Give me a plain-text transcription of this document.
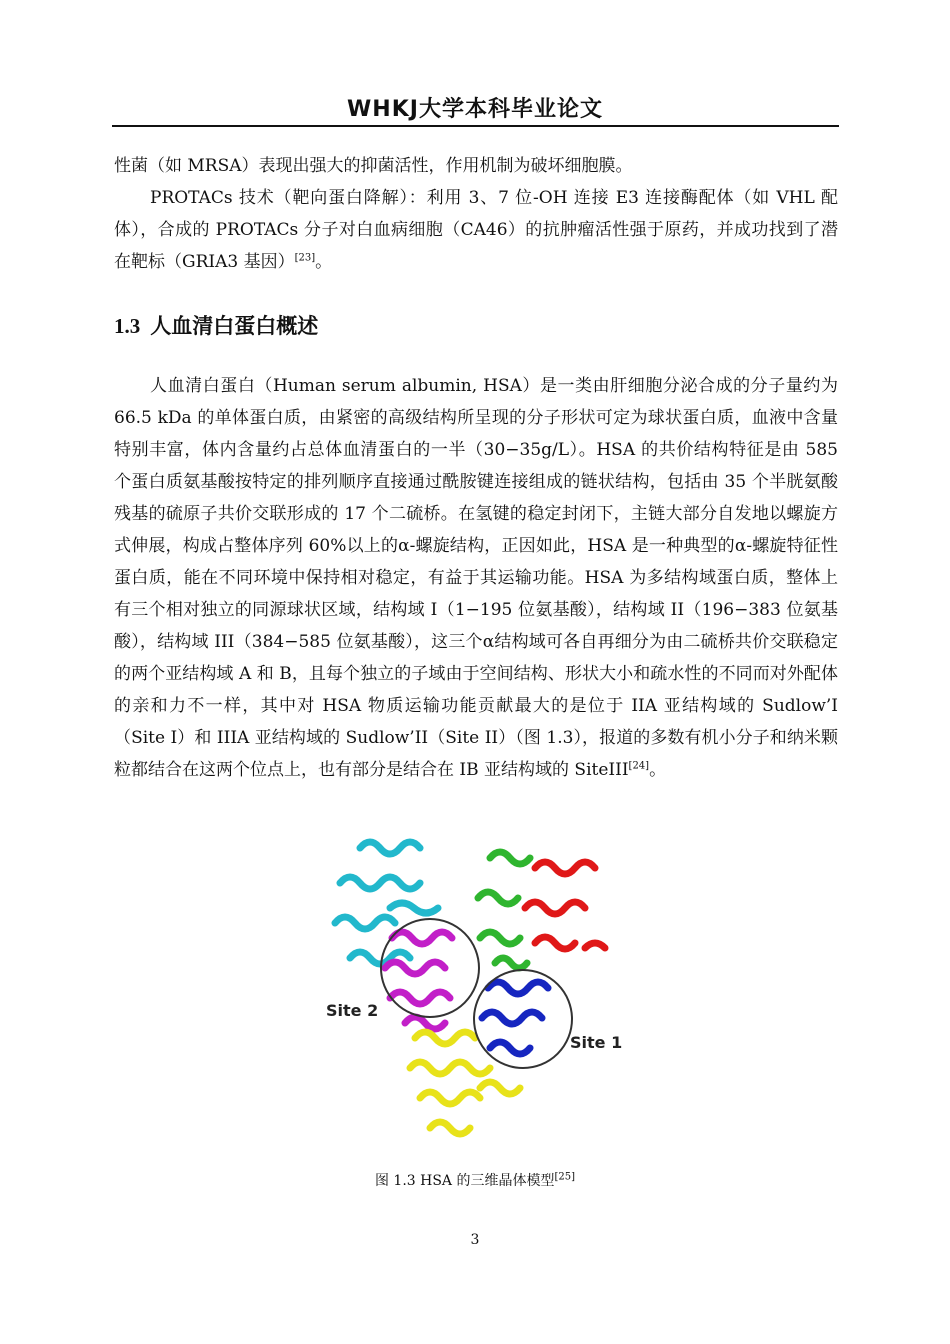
WHKJ大学本科毕业论文

性菌（如 MRSA）表现出强大的抑菌活性，作用机制为破坏细胞膜。

PROTACs 技术（靶向蛋白降解）：利用 3、7 位-OH 连接 E3 连接酶配体（如 VHL 配体），合成的 PROTACs 分子对白血病细胞（CA46）的抗肿瘤活性强于原药，并成功找到了潜在靶标（GRIA3 基因）[23]。

1.3 人血清白蛋白概述

人血清白蛋白（Human serum albumin, HSA）是一类由肝细胞分泌合成的分子量约为 66.5 kDa 的单体蛋白质，由紧密的高级结构所呈现的分子形状可定为球状蛋白质，血液中含量特别丰富，体内含量约占总体血清蛋白的一半（30−35g/L）。HSA 的共价结构特征是由 585 个蛋白质氨基酸按特定的排列顺序直接通过酰胺键连接组成的链状结构，包括由 35 个半胱氨酸残基的硫原子共价交联形成的 17 个二硫桥。在氢键的稳定封闭下，主链大部分自发地以螺旋方式伸展，构成占整体序列 60%以上的α-螺旋结构，正因如此，HSA 是一种典型的α-螺旋特征性蛋白质，能在不同环境中保持相对稳定，有益于其运输功能。HSA 为多结构域蛋白质，整体上有三个相对独立的同源球状区域，结构域 I（1−195 位氨基酸），结构域 II（196−383 位氨基酸），结构域 III（384−585 位氨基酸），这三个α结构域可各自再细分为由二硫桥共价交联稳定的两个亚结构域 A 和 B，且每个独立的子域由于空间结构、形状大小和疏水性的不同而对外配体的亲和力不一样，其中对 HSA 物质运输功能贡献最大的是位于 IIA 亚结构域的 Sudlow’I（Site I）和 IIIA 亚结构域的 Sudlow’II（Site II）（图 1.3），报道的多数有机小分子和纳米颗粒都结合在这两个位点上，也有部分是结合在 IB 亚结构域的 SiteIII[24]。

Site 2
Site 1
图 1.3 HSA 的三维晶体模型[25]
3
